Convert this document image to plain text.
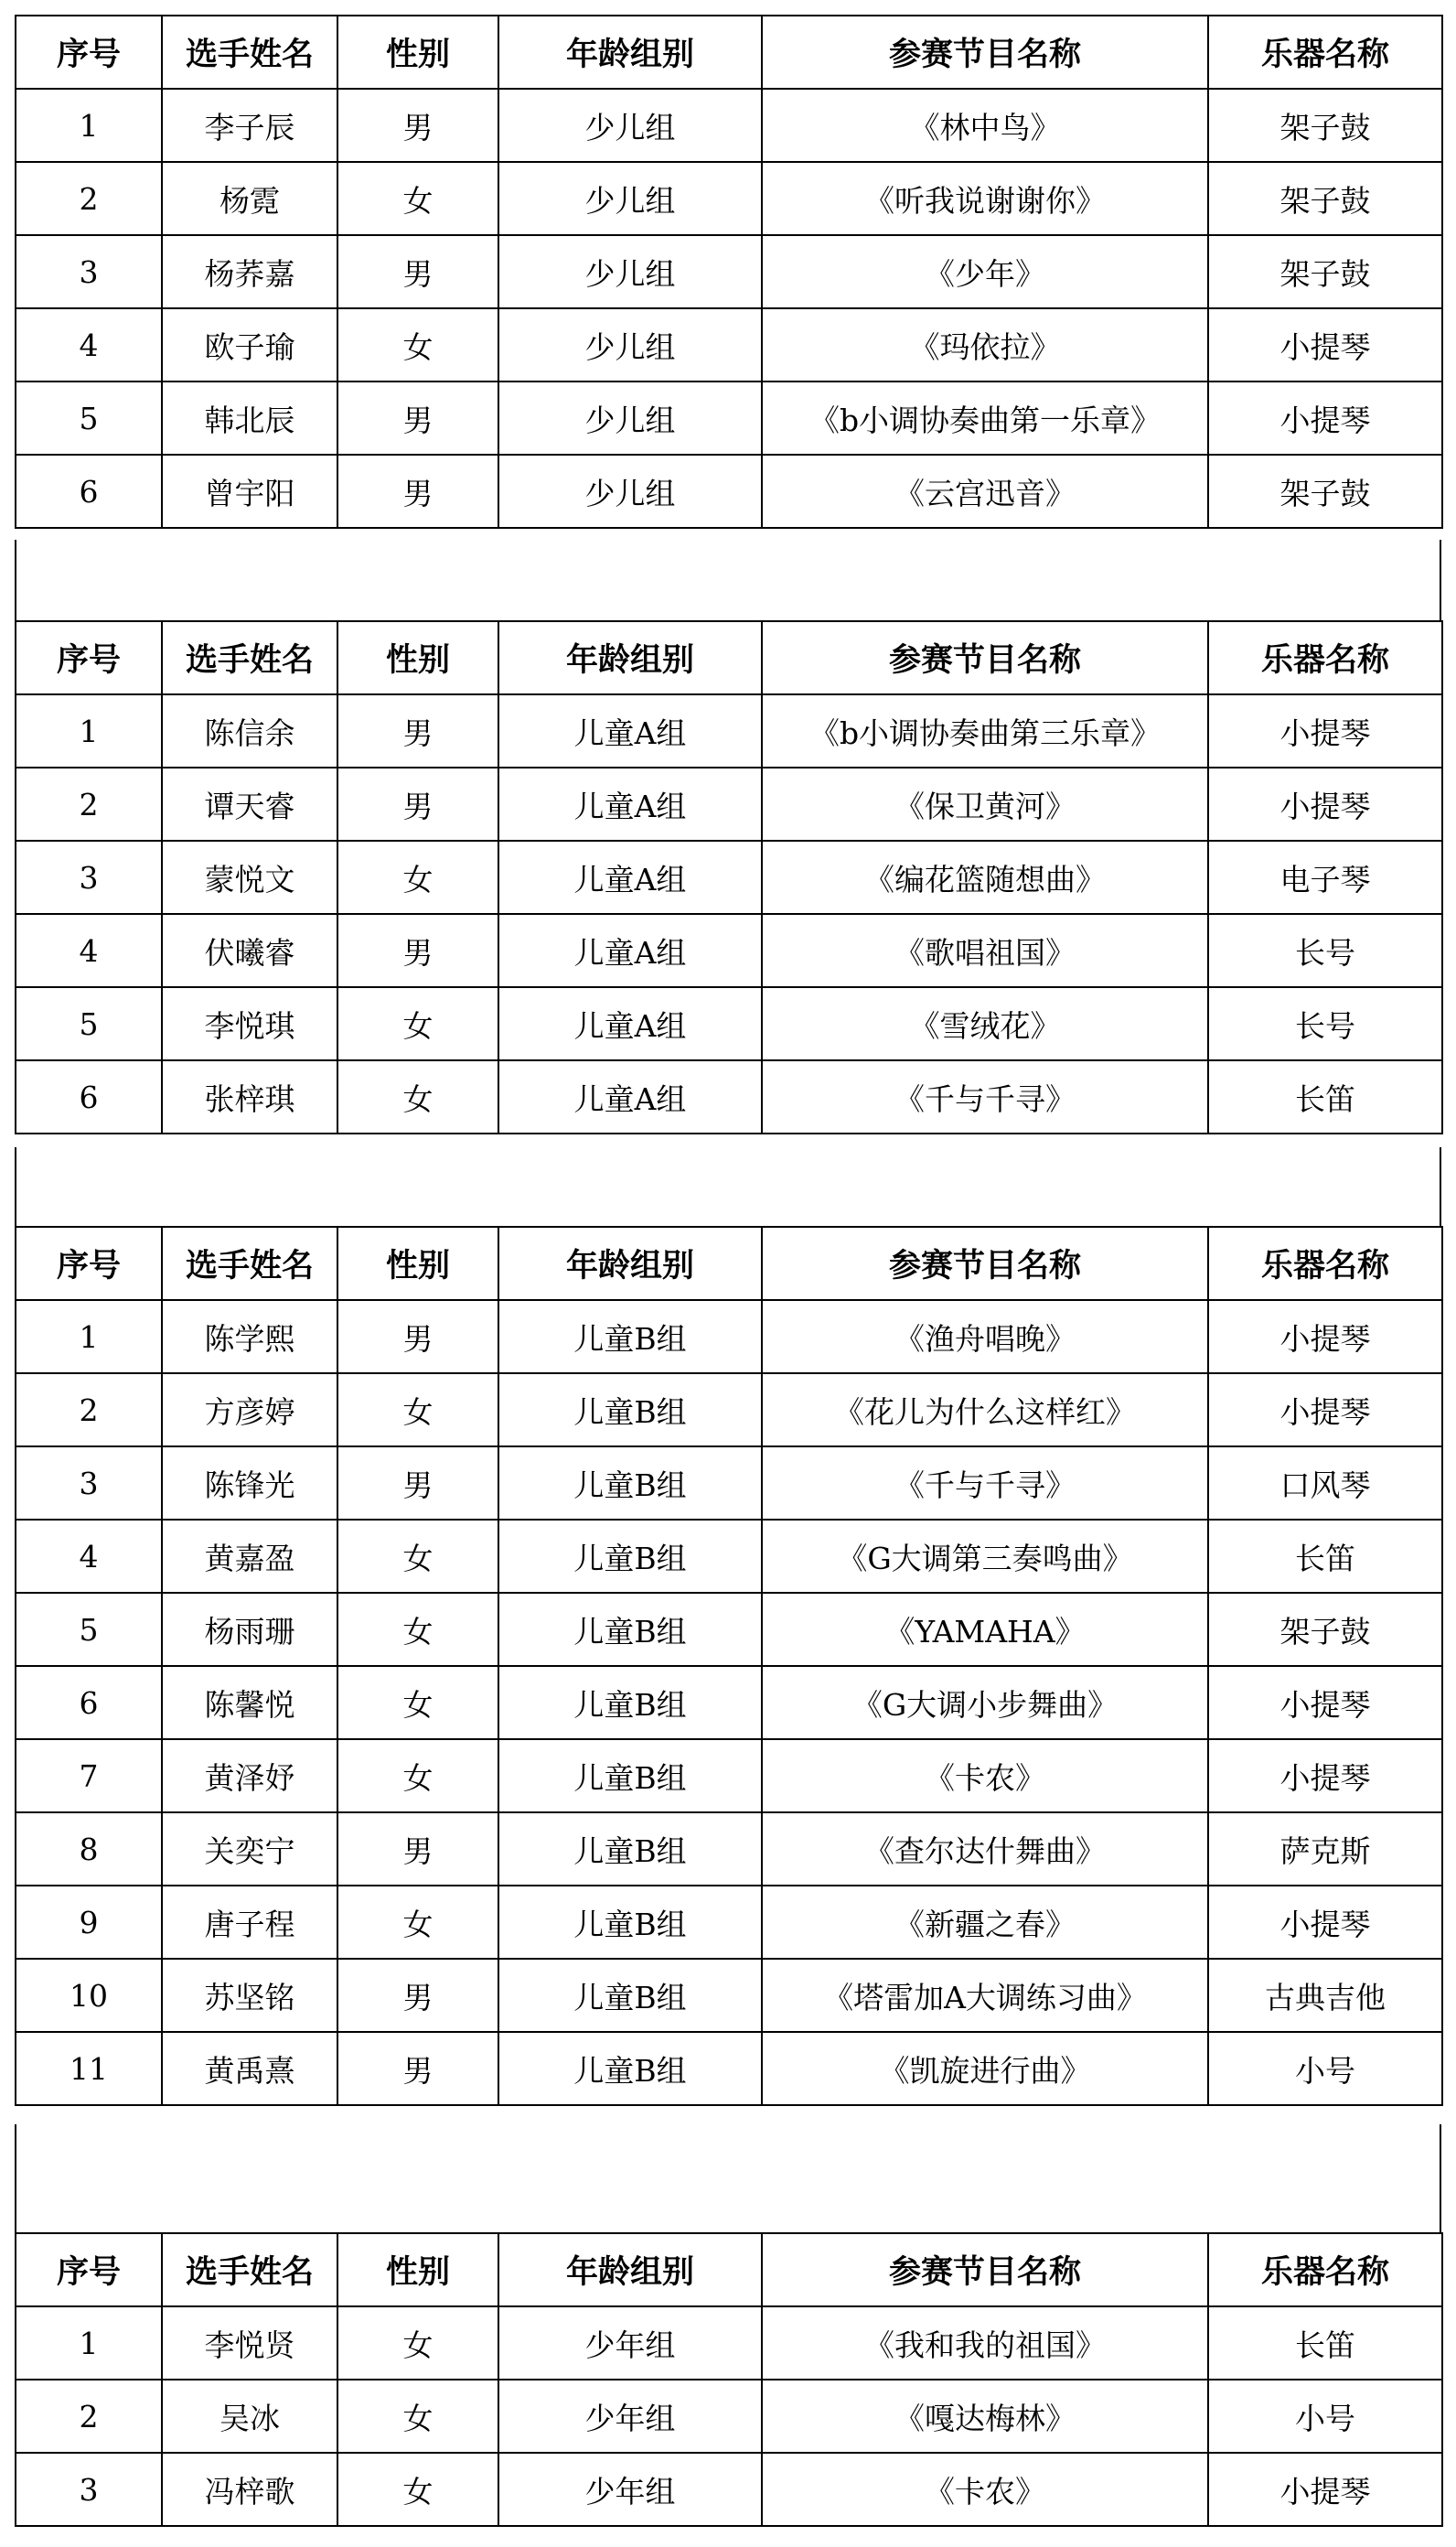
序号	选手姓名	性别	年龄组别	参赛节目名称	乐器名称
1	李子辰	男	少儿组	《林中鸟》	架子鼓
2	杨霓	女	少儿组	《听我说谢谢你》	架子鼓
3	杨荞嘉	男	少儿组	《少年》	架子鼓
4	欧子瑜	女	少儿组	《玛依拉》	小提琴
5	韩北辰	男	少儿组	《b小调协奏曲第一乐章》	小提琴
6	曾宇阳	男	少儿组	《云宫迅音》	架子鼓
序号	选手姓名	性别	年龄组别	参赛节目名称	乐器名称
1	陈信余	男	儿童A组	《b小调协奏曲第三乐章》	小提琴
2	谭天睿	男	儿童A组	《保卫黄河》	小提琴
3	蒙悦文	女	儿童A组	《编花篮随想曲》	电子琴
4	伏曦睿	男	儿童A组	《歌唱祖国》	长号
5	李悦琪	女	儿童A组	《雪绒花》	长号
6	张梓琪	女	儿童A组	《千与千寻》	长笛
序号	选手姓名	性别	年龄组别	参赛节目名称	乐器名称
1	陈学熙	男	儿童B组	《渔舟唱晚》	小提琴
2	方彦婷	女	儿童B组	《花儿为什么这样红》	小提琴
3	陈锋光	男	儿童B组	《千与千寻》	口风琴
4	黄嘉盈	女	儿童B组	《G大调第三奏鸣曲》	长笛
5	杨雨珊	女	儿童B组	《YAMAHA》	架子鼓
6	陈馨悦	女	儿童B组	《G大调小步舞曲》	小提琴
7	黄泽妤	女	儿童B组	《卡农》	小提琴
8	关奕宁	男	儿童B组	《查尔达什舞曲》	萨克斯
9	唐子程	女	儿童B组	《新疆之春》	小提琴
10	苏坚铭	男	儿童B组	《塔雷加A大调练习曲》	古典吉他
11	黄禹熹	男	儿童B组	《凯旋进行曲》	小号
序号	选手姓名	性别	年龄组别	参赛节目名称	乐器名称
1	李悦贤	女	少年组	《我和我的祖国》	长笛
2	吴冰	女	少年组	《嘎达梅林》	小号
3	冯梓歌	女	少年组	《卡农》	小提琴
